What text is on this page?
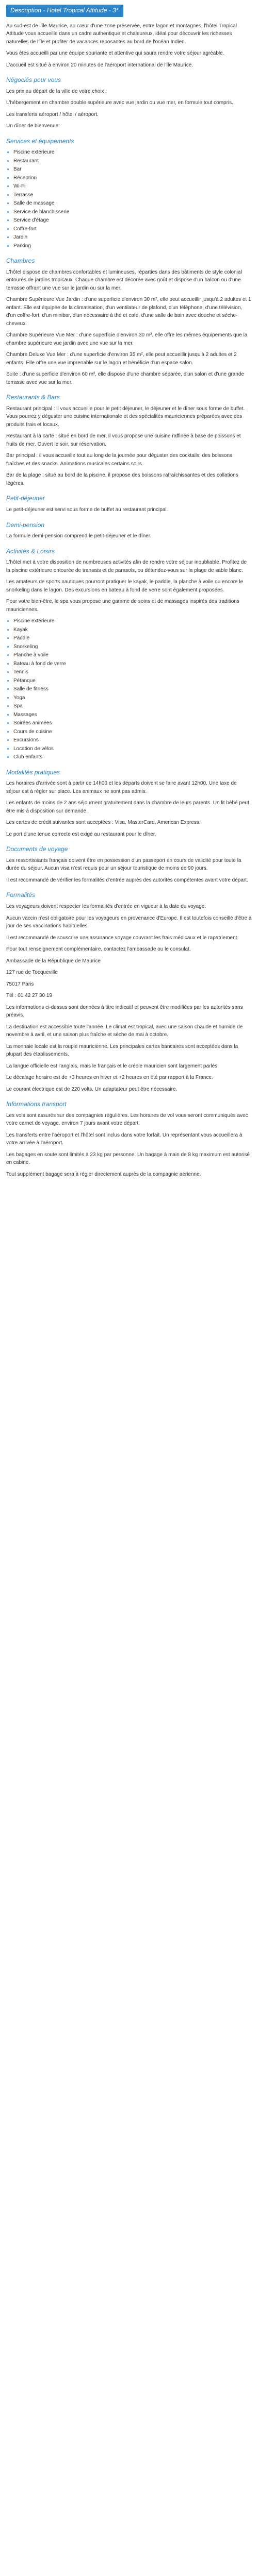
Description - Hotel Tropical Attitude - 3*

Au sud-est de l'île Maurice, au cœur d'une zone préservée, entre lagon et montagnes, l'hôtel Tropical Attitude vous accueille dans un cadre authentique et chaleureux, idéal pour découvrir les richesses naturelles de l'île et profiter de vacances reposantes au bord de l'océan Indien.

Vous êtes accueilli par une équipe souriante et attentive qui saura rendre votre séjour agréable.

L'accueil est situé à environ 20 minutes de l'aéroport international de l'île Maurice.

Négociés pour vous

Les prix au départ de la ville de votre choix :

L'hébergement en chambre double supérieure avec vue jardin ou vue mer, en formule tout compris.

Les transferts aéroport / hôtel / aéroport.

Un dîner de bienvenue.

Services et équipements
• Piscine extérieure
• Restaurant
• Bar
• Réception
• Wi-Fi
• Terrasse
• Salle de massage
• Service de blanchisserie
• Service d'étage
• Coffre-fort
• Jardin
• Parking
Chambres

L'hôtel dispose de chambres confortables et lumineuses, réparties dans des bâtiments de style colonial entourés de jardins tropicaux. Chaque chambre est décorée avec goût et dispose d'un balcon ou d'une terrasse offrant une vue sur le jardin ou sur la mer.

Chambre Supérieure Vue Jardin : d'une superficie d'environ 30 m², elle peut accueillir jusqu'à 2 adultes et 1 enfant. Elle est équipée de la climatisation, d'un ventilateur de plafond, d'un téléphone, d'une télévision, d'un coffre-fort, d'un minibar, d'un nécessaire à thé et café, d'une salle de bain avec douche et sèche-cheveux.

Chambre Supérieure Vue Mer : d'une superficie d'environ 30 m², elle offre les mêmes équipements que la chambre supérieure vue jardin avec une vue sur la mer.

Chambre Deluxe Vue Mer : d'une superficie d'environ 35 m², elle peut accueillir jusqu'à 2 adultes et 2 enfants. Elle offre une vue imprenable sur le lagon et bénéficie d'un espace salon.

Suite : d'une superficie d'environ 60 m², elle dispose d'une chambre séparée, d'un salon et d'une grande terrasse avec vue sur la mer.

Restaurants & Bars

Restaurant principal : il vous accueille pour le petit déjeuner, le déjeuner et le dîner sous forme de buffet. Vous pourrez y déguster une cuisine internationale et des spécialités mauriciennes préparées avec des produits frais et locaux.

Restaurant à la carte : situé en bord de mer, il vous propose une cuisine raffinée à base de poissons et fruits de mer. Ouvert le soir, sur réservation.

Bar principal : il vous accueille tout au long de la journée pour déguster des cocktails, des boissons fraîches et des snacks. Animations musicales certains soirs.

Bar de la plage : situé au bord de la piscine, il propose des boissons rafraîchissantes et des collations légères.

Petit-déjeuner

Le petit-déjeuner est servi sous forme de buffet au restaurant principal.

Demi-pension

La formule demi-pension comprend le petit-déjeuner et le dîner.

Activités & Loisirs

L'hôtel met à votre disposition de nombreuses activités afin de rendre votre séjour inoubliable. Profitez de la piscine extérieure entourée de transats et de parasols, ou détendez-vous sur la plage de sable blanc.

Les amateurs de sports nautiques pourront pratiquer le kayak, le paddle, la planche à voile ou encore le snorkeling dans le lagon. Des excursions en bateau à fond de verre sont également proposées.

Pour votre bien-être, le spa vous propose une gamme de soins et de massages inspirés des traditions mauriciennes.

• Piscine extérieure
• Kayak
• Paddle
• Snorkeling
• Planche à voile
• Bateau à fond de verre
• Tennis
• Pétanque
• Salle de fitness
• Yoga
• Spa
• Massages
• Soirées animées
• Cours de cuisine
• Excursions
• Location de vélos
• Club enfants
Modalités pratiques

Les horaires d'arrivée sont à partir de 14h00 et les départs doivent se faire avant 12h00. Une taxe de séjour est à régler sur place. Les animaux ne sont pas admis.

Les enfants de moins de 2 ans séjournent gratuitement dans la chambre de leurs parents. Un lit bébé peut être mis à disposition sur demande.

Les cartes de crédit suivantes sont acceptées : Visa, MasterCard, American Express.

Le port d'une tenue correcte est exigé au restaurant pour le dîner.

Documents de voyage

Les ressortissants français doivent être en possession d'un passeport en cours de validité pour toute la durée du séjour. Aucun visa n'est requis pour un séjour touristique de moins de 90 jours.

Il est recommandé de vérifier les formalités d'entrée auprès des autorités compétentes avant votre départ.

Formalités

Les voyageurs doivent respecter les formalités d'entrée en vigueur à la date du voyage.

Aucun vaccin n'est obligatoire pour les voyageurs en provenance d'Europe. Il est toutefois conseillé d'être à jour de ses vaccinations habituelles.

Il est recommandé de souscrire une assurance voyage couvrant les frais médicaux et le rapatriement.

Pour tout renseignement complémentaire, contactez l'ambassade ou le consulat.

Ambassade de la République de Maurice

127 rue de Tocqueville

75017 Paris

Tél : 01 42 27 30 19

Les informations ci-dessus sont données à titre indicatif et peuvent être modifiées par les autorités sans préavis.

La destination est accessible toute l'année. Le climat est tropical, avec une saison chaude et humide de novembre à avril, et une saison plus fraîche et sèche de mai à octobre.

La monnaie locale est la roupie mauricienne. Les principales cartes bancaires sont acceptées dans la plupart des établissements.

La langue officielle est l'anglais, mais le français et le créole mauricien sont largement parlés.

Le décalage horaire est de +3 heures en hiver et +2 heures en été par rapport à la France.

Le courant électrique est de 220 volts. Un adaptateur peut être nécessaire.

Informations transport

Les vols sont assurés sur des compagnies régulières. Les horaires de vol vous seront communiqués avec votre carnet de voyage, environ 7 jours avant votre départ.

Les transferts entre l'aéroport et l'hôtel sont inclus dans votre forfait. Un représentant vous accueillera à votre arrivée à l'aéroport.

Les bagages en soute sont limités à 23 kg par personne. Un bagage à main de 8 kg maximum est autorisé en cabine.

Tout supplément bagage sera à régler directement auprès de la compagnie aérienne.
